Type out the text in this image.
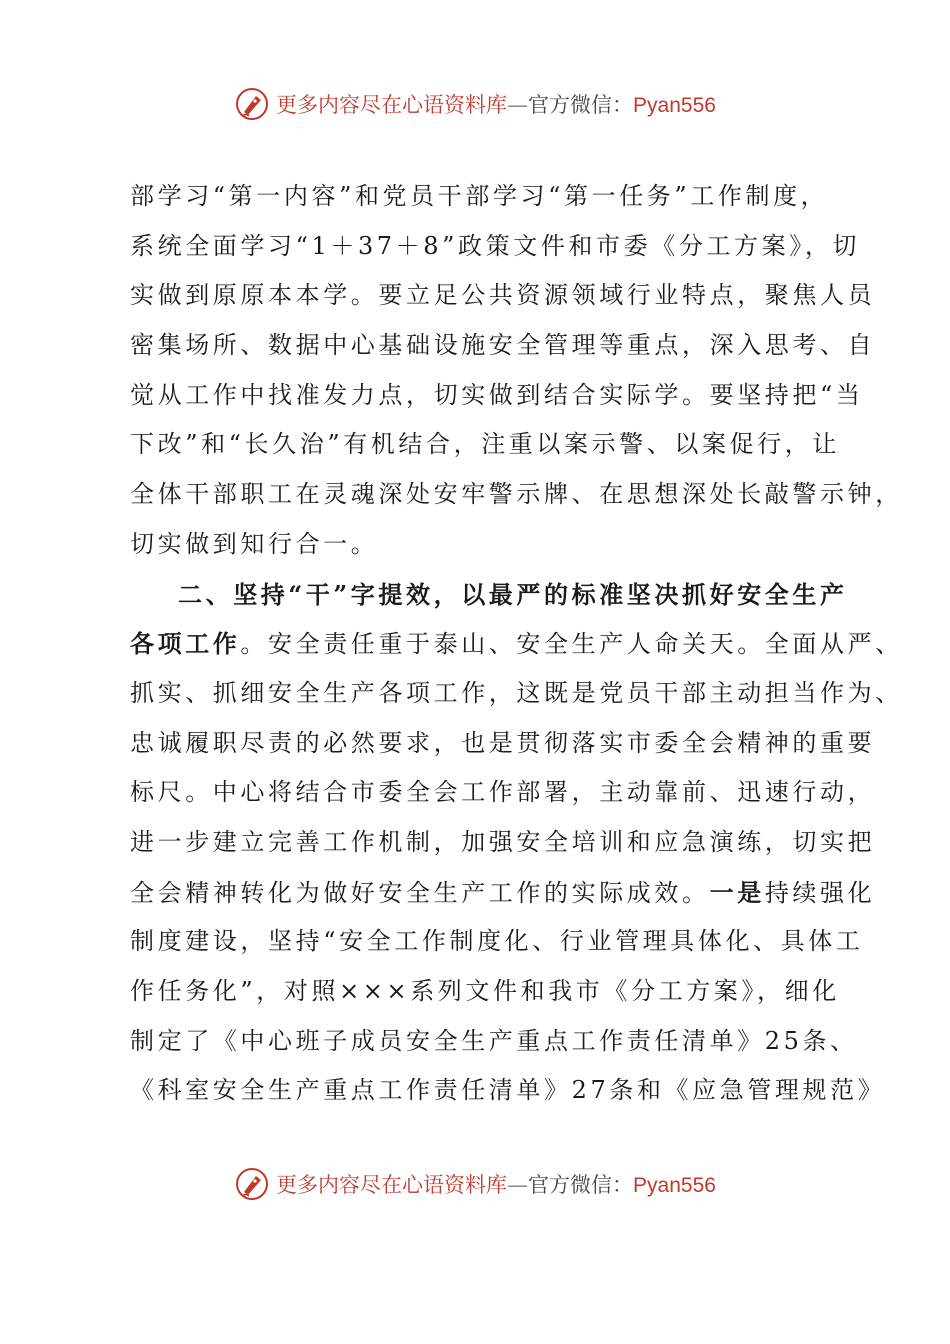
更多内容尽在心语资料库—官方微信：Pyan556
部学习“第一内容”和党员干部学习“第一任务”工作制度，
系统全面学习“1＋37＋8”政策文件和市委《分工方案》，切
实做到原原本本学。要立足公共资源领域行业特点，聚焦人员
密集场所、数据中心基础设施安全管理等重点，深入思考、自
觉从工作中找准发力点，切实做到结合实际学。要坚持把“当
下改”和“长久治”有机结合，注重以案示警、以案促行，让
全体干部职工在灵魂深处安牢警示牌、在思想深处长敲警示钟，
切实做到知行合一。
二、坚持“干”字提效，以最严的标准坚决抓好安全生产
各项工作。安全责任重于泰山、安全生产人命关天。全面从严、
抓实、抓细安全生产各项工作，这既是党员干部主动担当作为、
忠诚履职尽责的必然要求，也是贯彻落实市委全会精神的重要
标尺。中心将结合市委全会工作部署，主动靠前、迅速行动，
进一步建立完善工作机制，加强安全培训和应急演练，切实把
全会精神转化为做好安全生产工作的实际成效。一是持续强化
制度建设，坚持“安全工作制度化、行业管理具体化、具体工
作任务化”，对照×××系列文件和我市《分工方案》，细化
制定了《中心班子成员安全生产重点工作责任清单》25条、
《科室安全生产重点工作责任清单》27条和《应急管理规范》
更多内容尽在心语资料库—官方微信：Pyan556
